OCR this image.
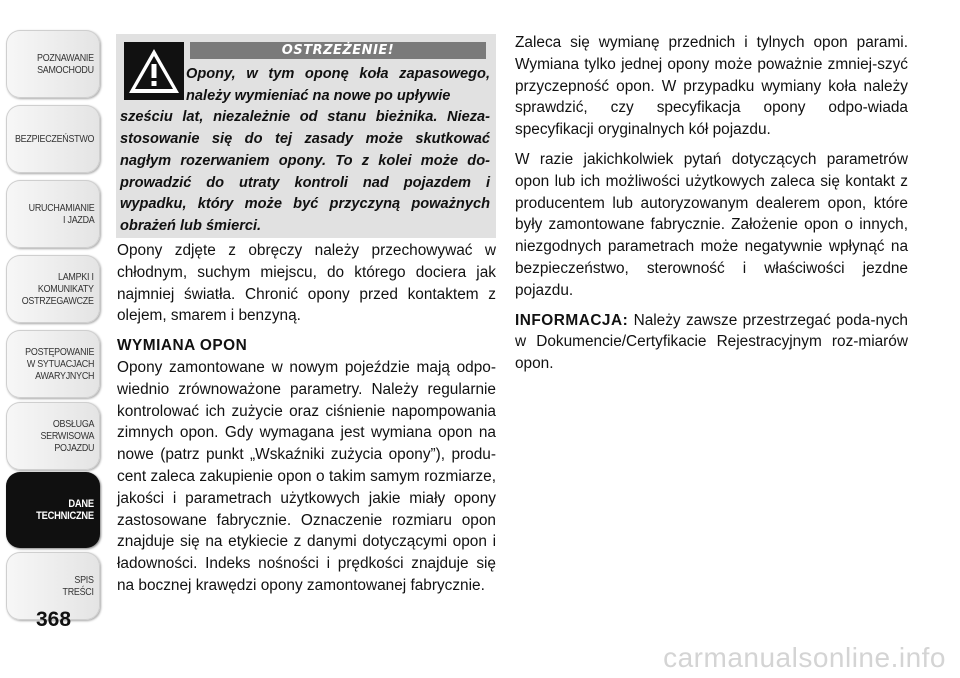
POZNAWANIE
SAMOCHODU
BEZPIECZEŃSTWO
URUCHAMIANIE
I JAZDA
LAMPKI I
KOMUNIKATY
OSTRZEGAWCZE
POSTĘPOWANIE
W SYTUACJACH
AWARYJNYCH
OBSŁUGA
SERWISOWA
POJAZDU
DANE
TECHNICZNE
SPIS
TREŚCI
368
OSTRZEŻENIE!
Opony, w tym oponę koła zapasowego, należy wymieniać na nowe po upływie
sześciu lat, niezależnie od stanu bieżnika. Nieza-stosowanie się do tej zasady może skutkować nagłym rozerwaniem opony. To z kolei może do-prowadzić do utraty kontroli nad pojazdem i wypadku, który może być przyczyną poważnych obrażeń lub śmierci.

Opony zdjęte z obręczy należy przechowywać w chłodnym, suchym miejscu, do którego dociera jak najmniej światła. Chronić opony przed kontaktem z olejem, smarem i benzyną.

WYMIANA OPON

Opony zamontowane w nowym pojeździe mają odpo-wiednio zrównoważone parametry. Należy regularnie kontrolować ich zużycie oraz ciśnienie napompowania zimnych opon. Gdy wymagana jest wymiana opon na nowe (patrz punkt „Wskaźniki zużycia opony”), produ-cent zaleca zakupienie opon o takim samym rozmiarze, jakości i parametrach użytkowych jakie miały opony zastosowane fabrycznie. Oznaczenie rozmiaru opon znajduje się na etykiecie z danymi dotyczącymi opon i ładowności. Indeks nośności i prędkości znajduje się na bocznej krawędzi opony zamontowanej fabrycznie.

Zaleca się wymianę przednich i tylnych opon parami. Wymiana tylko jednej opony może poważnie zmniej-szyć przyczepność opon. W przypadku wymiany koła należy sprawdzić, czy specyfikacja opony odpo-wiada specyfikacji oryginalnych kół pojazdu.

W razie jakichkolwiek pytań dotyczących parametrów opon lub ich możliwości użytkowych zaleca się kontakt z producentem lub autoryzowanym dealerem opon, które były zamontowane fabrycznie. Założenie opon o innych, niezgodnych parametrach może negatywnie wpłynąć na bezpieczeństwo, sterowność i właściwości jezdne pojazdu.

INFORMACJA: Należy zawsze przestrzegać poda-nych w Dokumencie/Certyfikacie Rejestracyjnym roz-miarów opon.

carmanualsonline.info
